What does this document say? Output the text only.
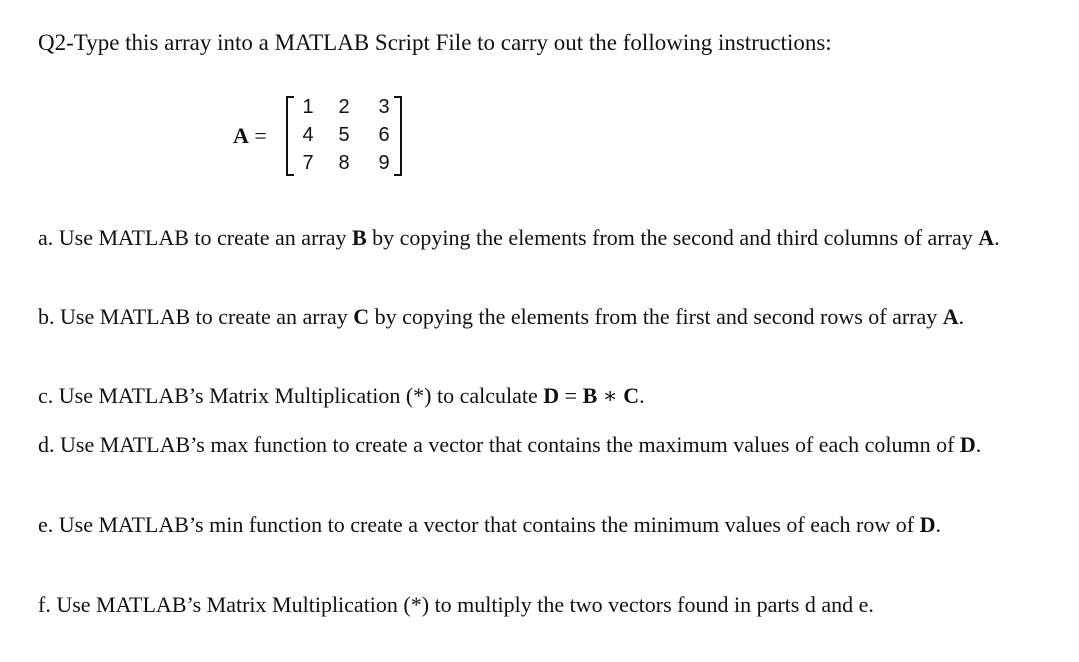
Q2-Type this array into a MATLAB Script File to carry out the following instructions:
A =
1	2	3
4	5	6
7	8	9
a. Use MATLAB to create an array B by copying the elements from the second and third columns of array A.
b. Use MATLAB to create an array C by copying the elements from the first and second rows of array A.
c. Use MATLAB’s Matrix Multiplication (*) to calculate D = B ∗ C.
d. Use MATLAB’s max function to create a vector that contains the maximum values of each column of D.
e. Use MATLAB’s min function to create a vector that contains the minimum values of each row of D.
f. Use MATLAB’s Matrix Multiplication (*) to multiply the two vectors found in parts d and e.
